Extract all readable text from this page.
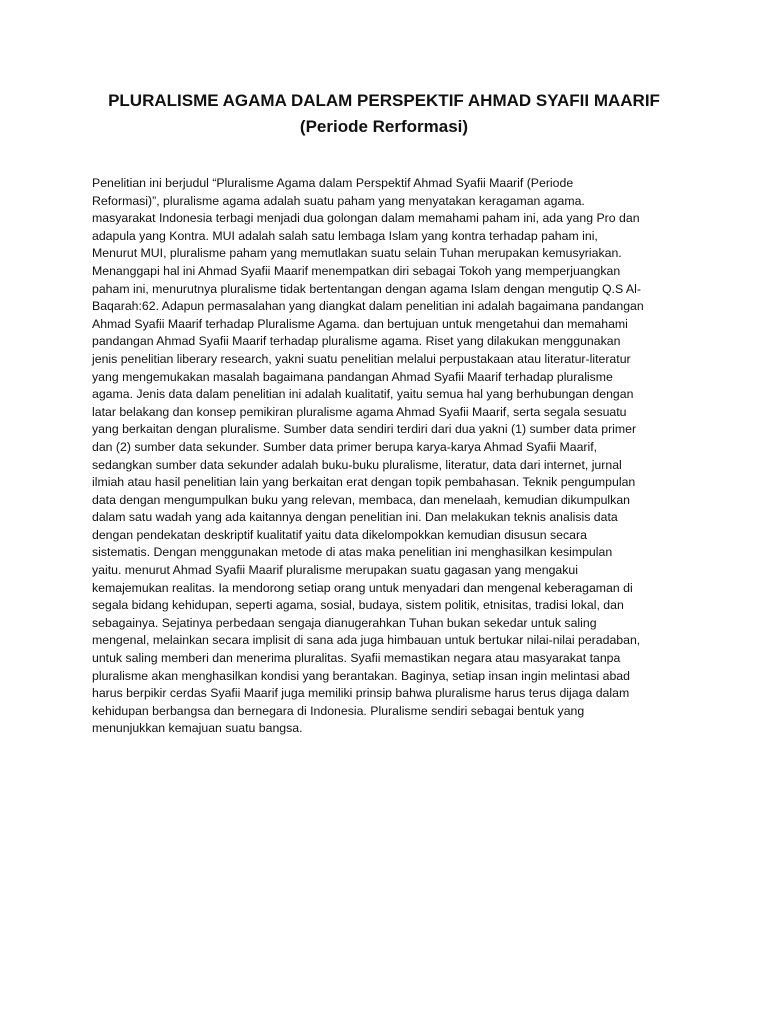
PLURALISME AGAMA DALAM PERSPEKTIF AHMAD SYAFII MAARIF
(Periode Rerformasi)

Penelitian ini berjudul “Pluralisme Agama dalam Perspektif Ahmad Syafii Maarif (Periode
Reformasi)”, pluralisme agama adalah suatu paham yang menyatakan keragaman agama.
masyarakat Indonesia terbagi menjadi dua golongan dalam memahami paham ini, ada yang Pro dan
adapula yang Kontra. MUI adalah salah satu lembaga Islam yang kontra terhadap paham ini,
Menurut MUI, pluralisme paham yang memutlakan suatu selain Tuhan merupakan kemusyriakan.
Menanggapi hal ini Ahmad Syafii Maarif menempatkan diri sebagai Tokoh yang memperjuangkan
paham ini, menurutnya pluralisme tidak bertentangan dengan agama Islam dengan mengutip Q.S Al-
Baqarah:62. Adapun permasalahan yang diangkat dalam penelitian ini adalah bagaimana pandangan
Ahmad Syafii Maarif terhadap Pluralisme Agama. dan bertujuan untuk mengetahui dan memahami
pandangan Ahmad Syafii Maarif terhadap pluralisme agama. Riset yang dilakukan menggunakan
jenis penelitian liberary research, yakni suatu penelitian melalui perpustakaan atau literatur-literatur
yang mengemukakan masalah bagaimana pandangan Ahmad Syafii Maarif terhadap pluralisme
agama. Jenis data dalam penelitian ini adalah kualitatif, yaitu semua hal yang berhubungan dengan
latar belakang dan konsep pemikiran pluralisme agama Ahmad Syafii Maarif, serta segala sesuatu
yang berkaitan dengan pluralisme. Sumber data sendiri terdiri dari dua yakni (1) sumber data primer
dan (2) sumber data sekunder. Sumber data primer berupa karya-karya Ahmad Syafii Maarif,
sedangkan sumber data sekunder adalah buku-buku pluralisme, literatur, data dari internet, jurnal
ilmiah atau hasil penelitian lain yang berkaitan erat dengan topik pembahasan. Teknik pengumpulan
data dengan mengumpulkan buku yang relevan, membaca, dan menelaah, kemudian dikumpulkan
dalam satu wadah yang ada kaitannya dengan penelitian ini. Dan melakukan teknis analisis data
dengan pendekatan deskriptif kualitatif yaitu data dikelompokkan kemudian disusun secara
sistematis. Dengan menggunakan metode di atas maka penelitian ini menghasilkan kesimpulan
yaitu. menurut Ahmad Syafii Maarif pluralisme merupakan suatu gagasan yang mengakui
kemajemukan realitas. Ia mendorong setiap orang untuk menyadari dan mengenal keberagaman di
segala bidang kehidupan, seperti agama, sosial, budaya, sistem politik, etnisitas, tradisi lokal, dan
sebagainya. Sejatinya perbedaan sengaja dianugerahkan Tuhan bukan sekedar untuk saling
mengenal, melainkan secara implisit di sana ada juga himbauan untuk bertukar nilai-nilai peradaban,
untuk saling memberi dan menerima pluralitas. Syafii memastikan negara atau masyarakat tanpa
pluralisme akan menghasilkan kondisi yang berantakan. Baginya, setiap insan ingin melintasi abad
harus berpikir cerdas Syafii Maarif juga memiliki prinsip bahwa pluralisme harus terus dijaga dalam
kehidupan berbangsa dan bernegara di Indonesia. Pluralisme sendiri sebagai bentuk yang
menunjukkan kemajuan suatu bangsa.
